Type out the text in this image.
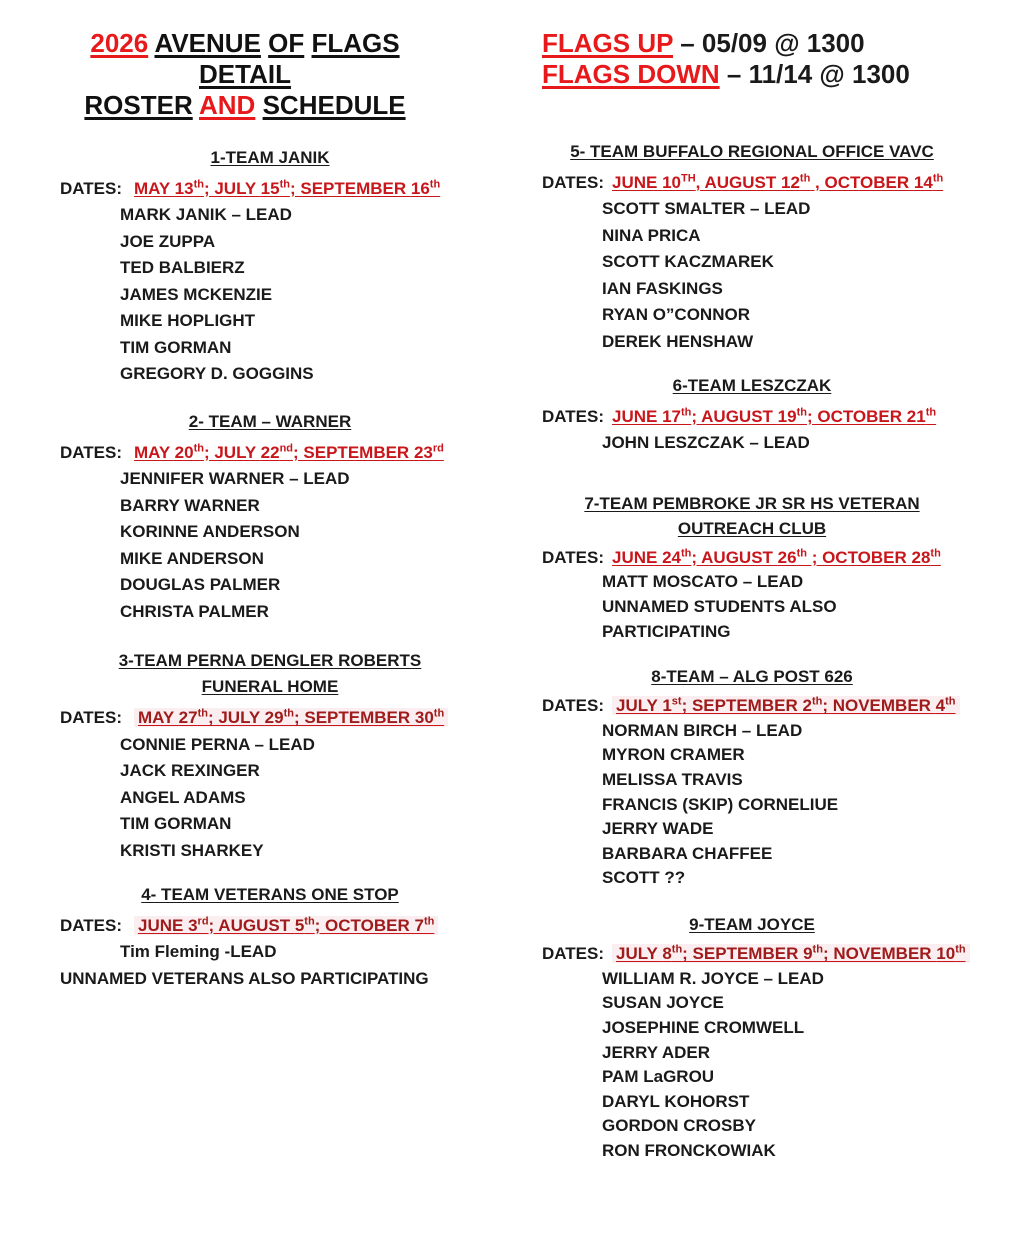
2026 AVENUE OF FLAGS
DETAIL
ROSTER AND SCHEDULE
FLAGS UP – 05/09 @ 1300
FLAGS DOWN – 11/14 @ 1300
5- TEAM BUFFALO REGIONAL OFFICE VAVC
DATES: JUNE 10TH, AUGUST 12th , OCTOBER 14th
SCOTT SMALTER – LEAD
NINA PRICA
SCOTT KACZMAREK
IAN FASKINGS
RYAN O”CONNOR
DEREK HENSHAW
6-TEAM LESZCZAK
DATES: JUNE 17th; AUGUST 19th; OCTOBER 21th
JOHN LESZCZAK – LEAD
7-TEAM PEMBROKE JR SR HS VETERAN
OUTREACH CLUB
DATES: JUNE 24th; AUGUST 26th ; OCTOBER 28th
MATT MOSCATO – LEAD
UNNAMED STUDENTS ALSO
PARTICIPATING
8-TEAM – ALG POST 626
DATES: JULY 1st; SEPTEMBER 2th; NOVEMBER 4th
NORMAN BIRCH – LEAD
MYRON CRAMER
MELISSA TRAVIS
FRANCIS (SKIP) CORNELIUE
JERRY WADE
BARBARA CHAFFEE
SCOTT ??
9-TEAM JOYCE
DATES: JULY 8th; SEPTEMBER 9th; NOVEMBER 10th
WILLIAM R. JOYCE – LEAD
SUSAN JOYCE
JOSEPHINE CROMWELL
JERRY ADER
PAM LaGROU
DARYL KOHORST
GORDON CROSBY
RON FRONCKOWIAK
1-TEAM JANIK
DATES: MAY 13th; JULY 15th; SEPTEMBER 16th
MARK JANIK – LEAD
JOE ZUPPA
TED BALBIERZ
JAMES MCKENZIE
MIKE HOPLIGHT
TIM GORMAN
GREGORY D. GOGGINS
2- TEAM – WARNER
DATES: MAY 20th; JULY 22nd; SEPTEMBER 23rd
JENNIFER WARNER – LEAD
BARRY WARNER
KORINNE ANDERSON
MIKE ANDERSON
DOUGLAS PALMER
CHRISTA PALMER
3-TEAM PERNA DENGLER ROBERTS
FUNERAL HOME
DATES: MAY 27th; JULY 29th; SEPTEMBER 30th
CONNIE PERNA – LEAD
JACK REXINGER
ANGEL ADAMS
TIM GORMAN
KRISTI SHARKEY
4- TEAM VETERANS ONE STOP
DATES: JUNE 3rd; AUGUST 5th; OCTOBER 7th
Tim Fleming -LEAD
UNNAMED VETERANS ALSO PARTICIPATING
